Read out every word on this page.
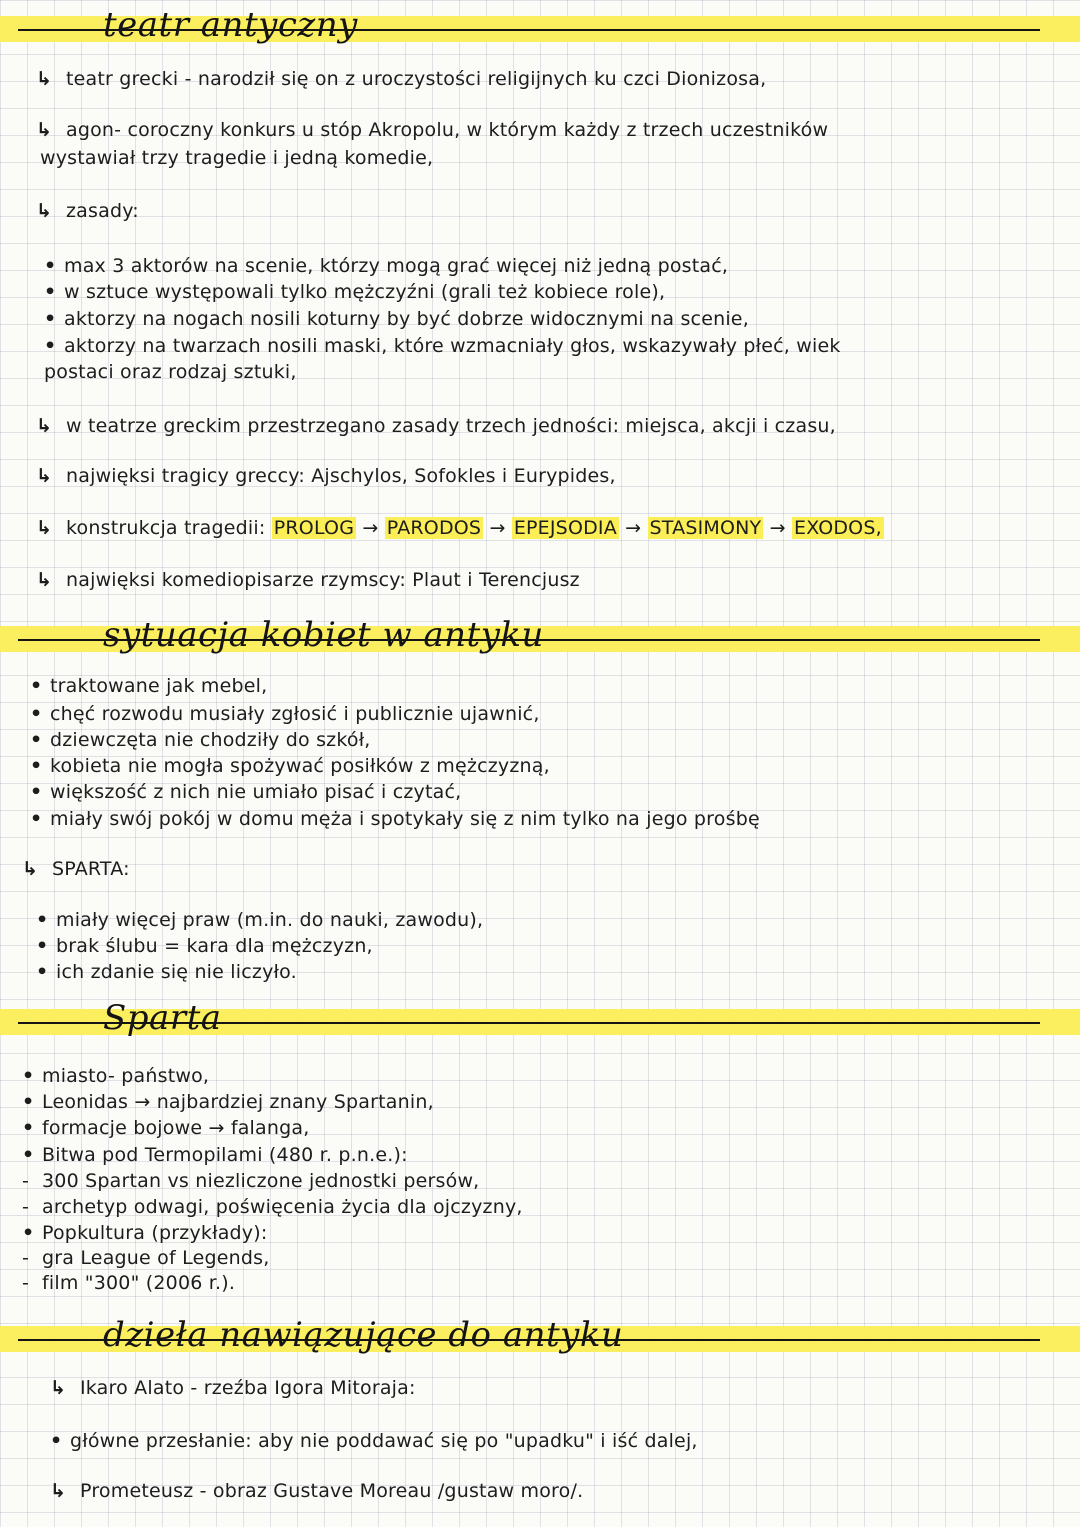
teatr antyczny
↳ teatr grecki - narodził się on z uroczystości religijnych ku czci Dionizosa,
↳ agon- coroczny konkurs u stóp Akropolu, w którym każdy z trzech uczestników
wystawiał trzy tragedie i jedną komedie,
↳ zasady:
• max 3 aktorów na scenie, którzy mogą grać więcej niż jedną postać,
• w sztuce występowali tylko mężczyźni (grali też kobiece role),
• aktorzy na nogach nosili koturny by być dobrze widocznymi na scenie,
• aktorzy na twarzach nosili maski, które wzmacniały głos, wskazywały płeć, wiek
postaci oraz rodzaj sztuki,
↳ w teatrze greckim przestrzegano zasady trzech jedności: miejsca, akcji i czasu,
↳ najwięksi tragicy greccy: Ajschylos, Sofokles i Eurypides,
↳ konstrukcja tragedii: PROLOG → PARODOS → EPEJSODIA → STASIMONY → EXODOS,
↳ najwięksi komediopisarze rzymscy: Plaut i Terencjusz
sytuacja kobiet w antyku
• traktowane jak mebel,
• chęć rozwodu musiały zgłosić i publicznie ujawnić,
• dziewczęta nie chodziły do szkół,
• kobieta nie mogła spożywać posiłków z mężczyzną,
• większość z nich nie umiało pisać i czytać,
• miały swój pokój w domu męża i spotykały się z nim tylko na jego prośbę
↳ SPARTA:
• miały więcej praw (m.in. do nauki, zawodu),
• brak ślubu = kara dla mężczyzn,
• ich zdanie się nie liczyło.
Sparta
• miasto- państwo,
• Leonidas → najbardziej znany Spartanin,
• formacje bojowe → falanga,
• Bitwa pod Termopilami (480 r. p.n.e.):
- 300 Spartan vs niezliczone jednostki persów,
- archetyp odwagi, poświęcenia życia dla ojczyzny,
• Popkultura (przykłady):
- gra League of Legends,
- film "300" (2006 r.).
dzieła nawiązujące do antyku
↳ Ikaro Alato - rzeźba Igora Mitoraja:
• główne przesłanie: aby nie poddawać się po "upadku" i iść dalej,
↳ Prometeusz - obraz Gustave Moreau /gustaw moro/.
